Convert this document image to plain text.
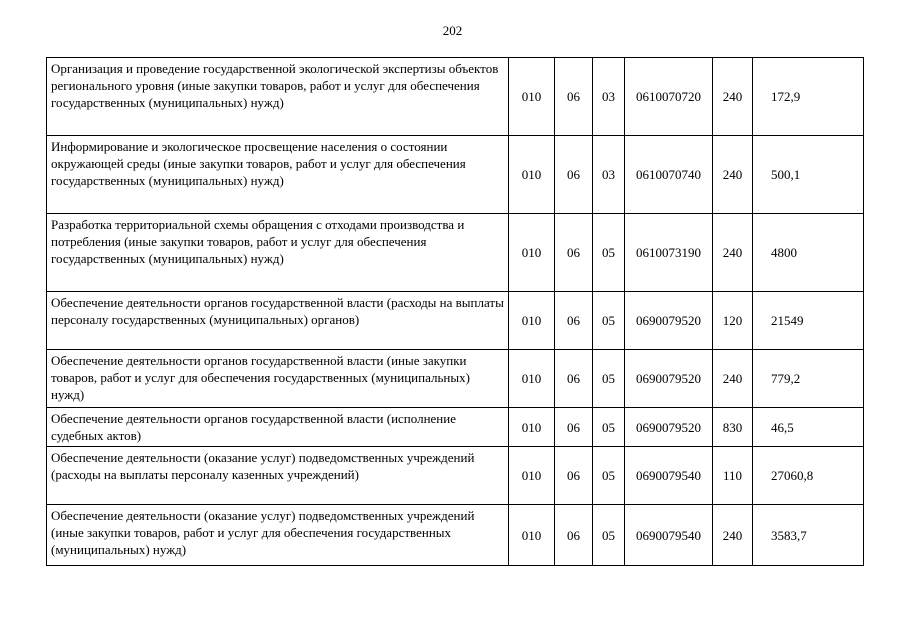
202
Организация и проведение государственной экологической экспертизы объектов регионального уровня (иные закупки товаров, работ и услуг для обеспечения государственных (муниципальных) нужд)	010	06	03	0610070720	240	172,9
Информирование и экологическое просвещение населения о состоянии окружающей среды (иные закупки товаров, работ и услуг для обеспечения государственных (муниципальных) нужд)	010	06	03	0610070740	240	500,1
Разработка территориальной схемы обращения с отходами производства и потребления (иные закупки товаров, работ и услуг для обеспечения государственных (муниципальных) нужд)	010	06	05	0610073190	240	4800
Обеспечение деятельности органов государственной власти (расходы на выплаты персоналу государственных (муниципальных) органов)	010	06	05	0690079520	120	21549
Обеспечение деятельности органов государственной власти (иные закупки товаров, работ и услуг для обеспечения государственных (муниципальных) нужд)	010	06	05	0690079520	240	779,2
Обеспечение деятельности органов государственной власти (исполнение судебных актов)	010	06	05	0690079520	830	46,5
Обеспечение деятельности (оказание услуг) подведомственных учреждений (расходы на выплаты персоналу казенных учреждений)	010	06	05	0690079540	110	27060,8
Обеспечение деятельности (оказание услуг) подведомственных учреждений (иные закупки товаров, работ и услуг для обеспечения государственных (муниципальных) нужд)	010	06	05	0690079540	240	3583,7
